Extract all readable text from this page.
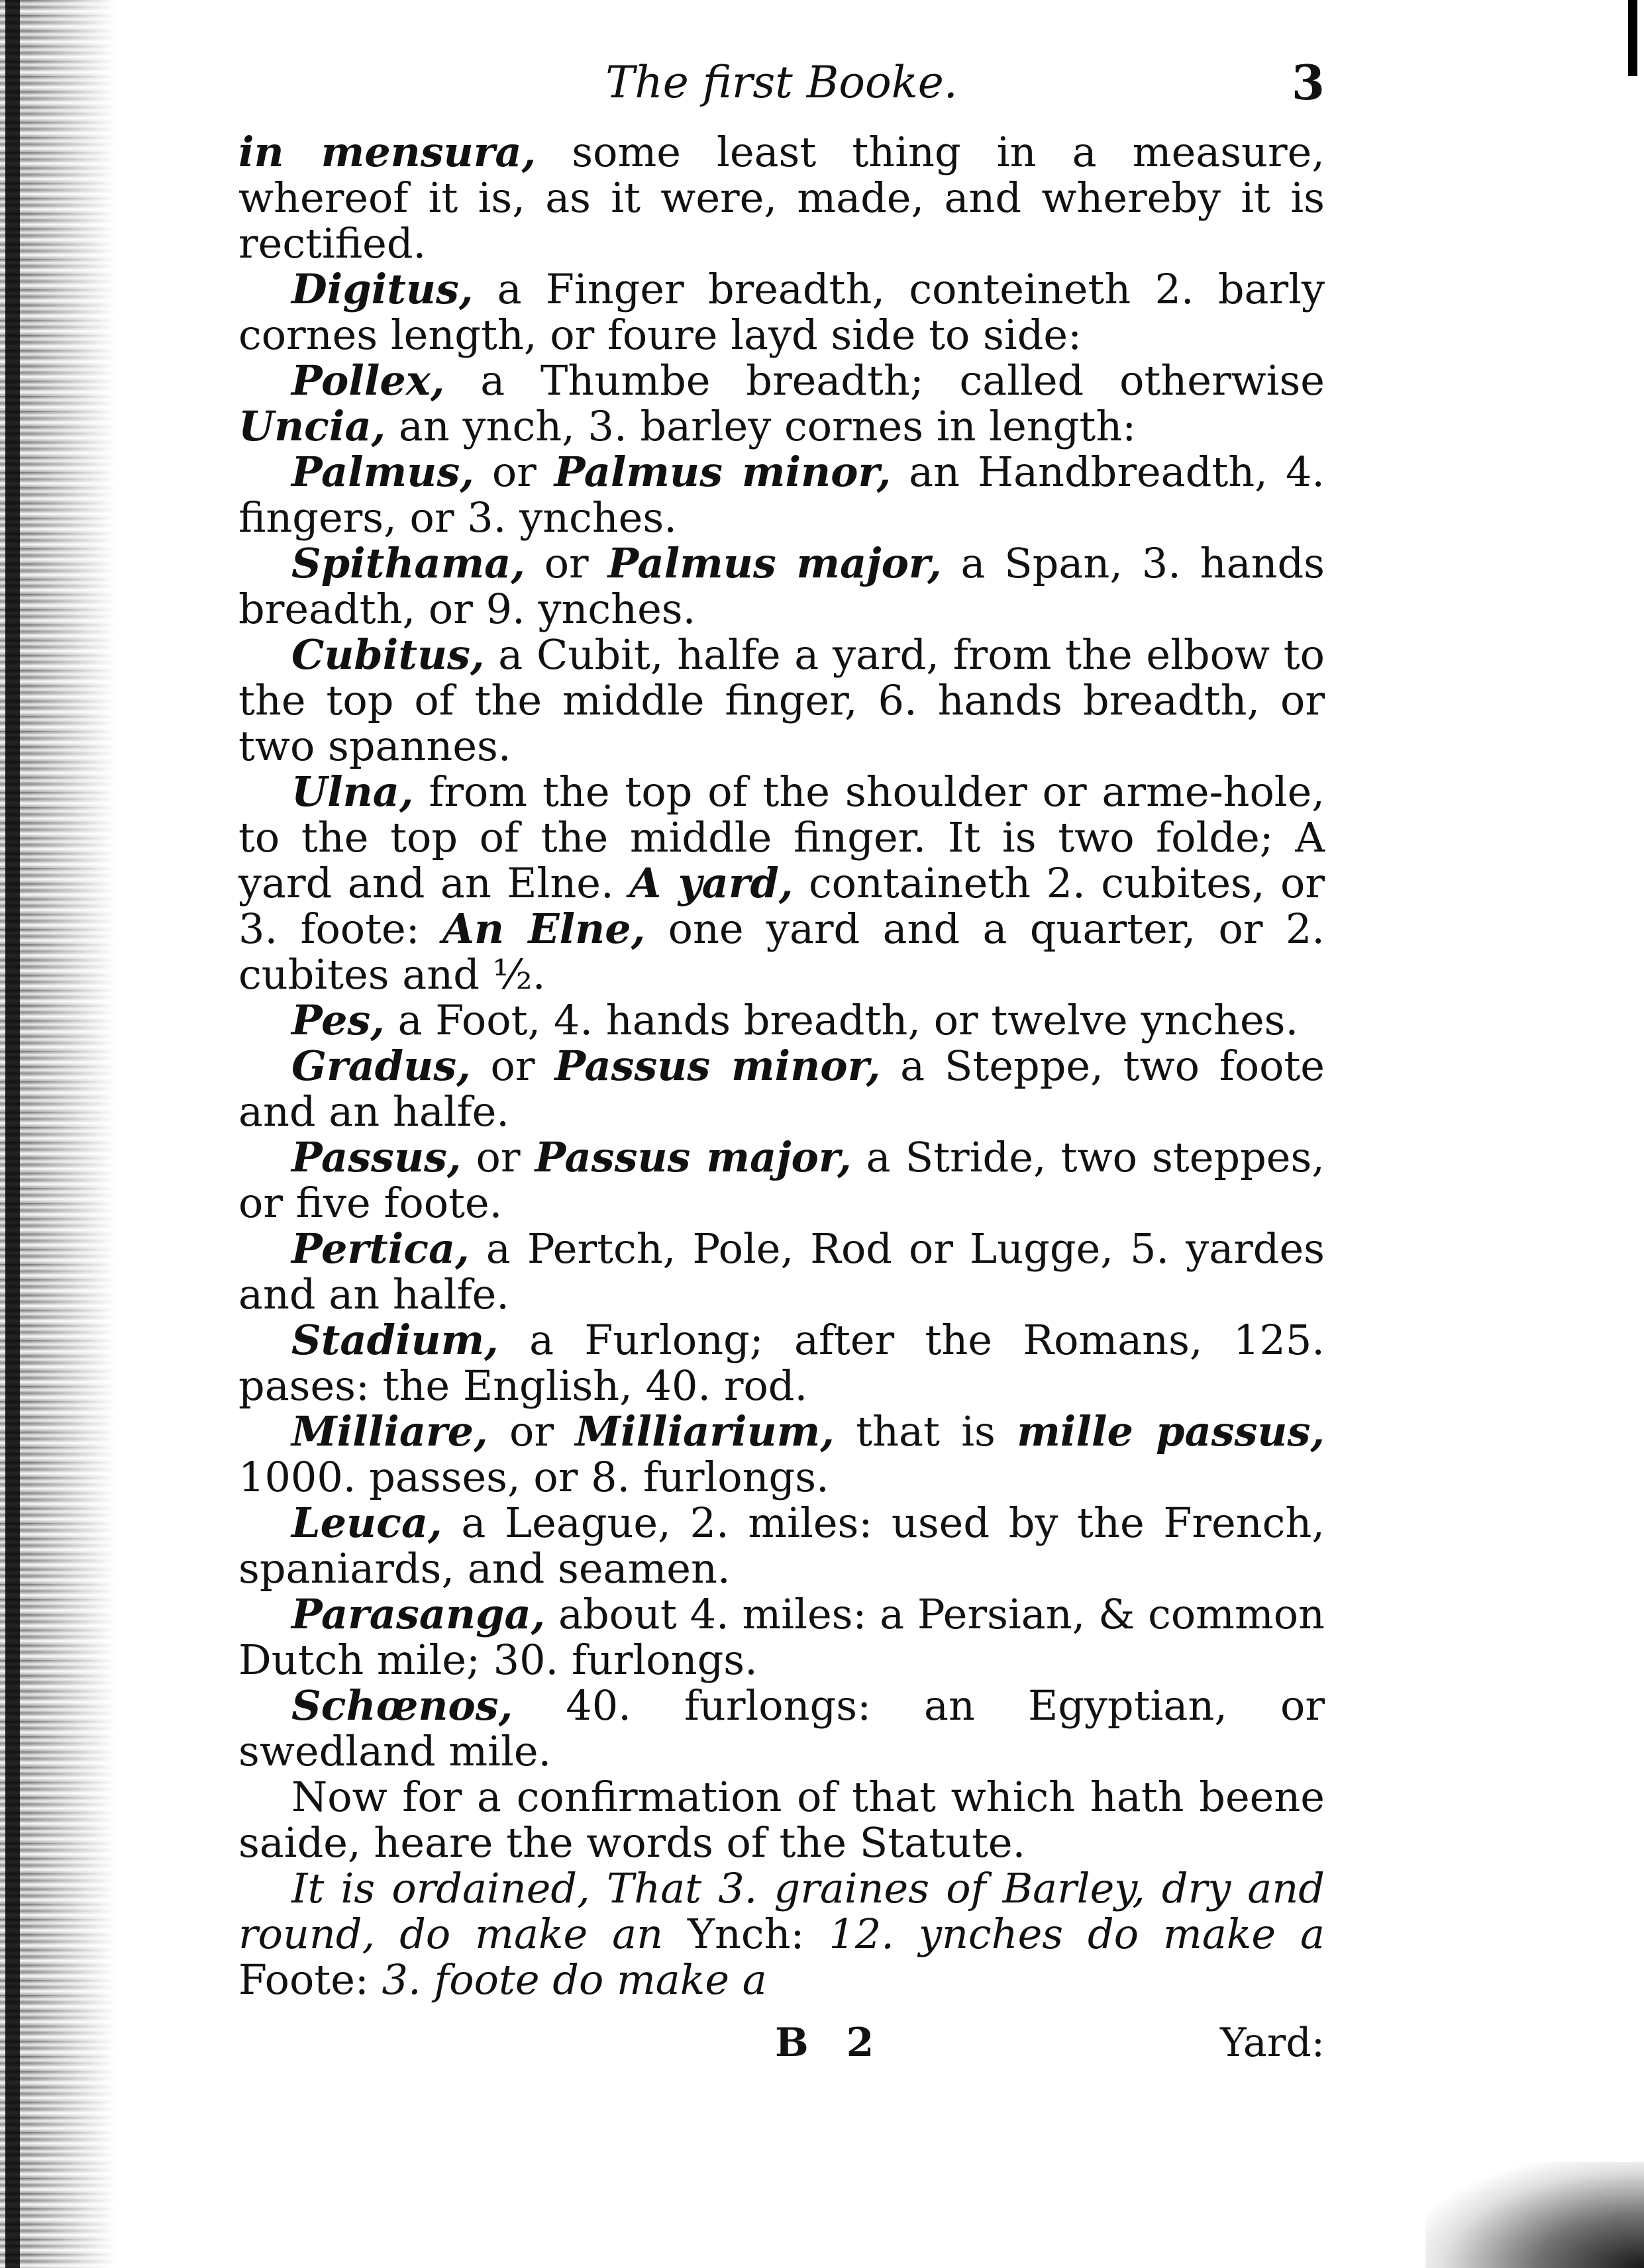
The first Booke.	3

in mensura, some least thing in a measure, whereof it is, as it were, made, and whereby it is rectified.

Digitus, a Finger breadth, conteineth 2. barly cornes length, or foure layd side to side:

Pollex, a Thumbe breadth; called otherwise Uncia, an ynch, 3. barley cornes in length:

Palmus, or Palmus minor, an Handbreadth, 4. fingers, or 3. ynches.

Spithama, or Palmus major, a Span, 3. hands breadth, or 9. ynches.

Cubitus, a Cubit, halfe a yard, from the elbow to the top of the middle finger, 6. hands breadth, or two spannes.

Ulna, from the top of the shoulder or arme-hole, to the top of the middle finger. It is two folde; A yard and an Elne. A yard, containeth 2. cubites, or 3. foote: An Elne, one yard and a quarter, or 2. cubites and ½.

Pes, a Foot, 4. hands breadth, or twelve ynches.

Gradus, or Passus minor, a Steppe, two foote and an halfe.

Passus, or Passus major, a Stride, two steppes, or five foote.

Pertica, a Pertch, Pole, Rod or Lugge, 5. yardes and an halfe.

Stadium, a Furlong; after the Romans, 125. pases: the English, 40. rod.

Milliare, or Milliarium, that is mille passus, 1000. passes, or 8. furlongs.

Leuca, a League, 2. miles: used by the French, spaniards, and seamen.

Parasanga, about 4. miles: a Persian, & common Dutch mile; 30. furlongs.

Schœnos, 40. furlongs: an Egyptian, or swedland mile.

Now for a confirmation of that which hath beene saide, heare the words of the Statute.

It is ordained, That 3. graines of Barley, dry and round, do make an Ynch: 12. ynches do make a Foote: 3. foote do make a

B 2	Yard:
